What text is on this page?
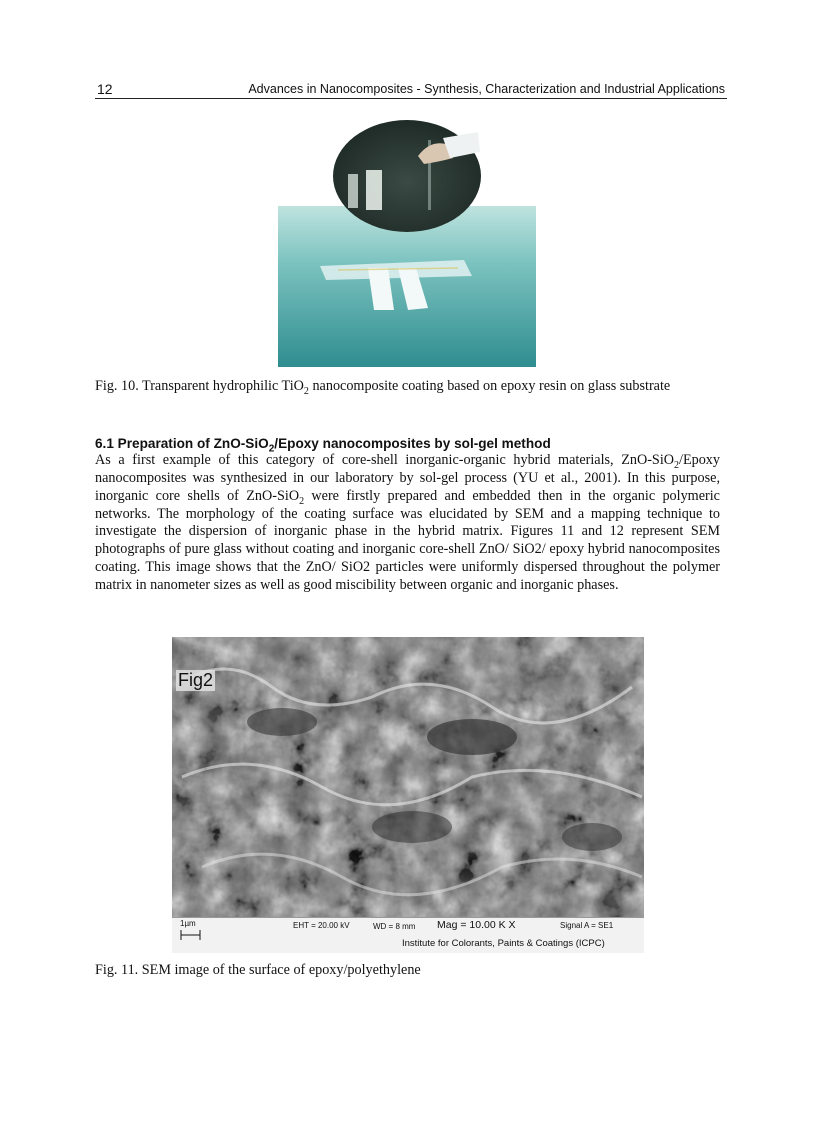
12	Advances in Nanocomposites - Synthesis, Characterization and Industrial Applications
Fig. 10. Transparent hydrophilic TiO$_2$ nanocomposite coating based on epoxy resin on glass substrate
6.1 Preparation of ZnO-SiO$_2$/Epoxy nanocomposites by sol-gel method
As a first example of this category of core-shell inorganic-organic hybrid materials, ZnO-SiO$_2$/Epoxy nanocomposites was synthesized in our laboratory by sol-gel process (YU et al., 2001). In this purpose, inorganic core shells of ZnO-SiO$_2$ were firstly prepared and embedded then in the organic polymeric networks. The morphology of the coating surface was elucidated by SEM and a mapping technique to investigate the dispersion of inorganic phase in the hybrid matrix. Figures 11 and 12 represent SEM photographs of pure glass without coating and inorganic core-shell ZnO/ SiO2/ epoxy hybrid nanocomposites coating. This image shows that the ZnO/ SiO2 particles were uniformly dispersed throughout the polymer matrix in nanometer sizes as well as good miscibility between organic and inorganic phases.
Fig2
1µm	EHT = 20.00 kV	WD = 8 mm Mag = 10.00 K X	Signal A = SE1
Institute for Colorants, Paints & Coatings (ICPC)
Fig. 11. SEM image of the surface of epoxy/polyethylene
